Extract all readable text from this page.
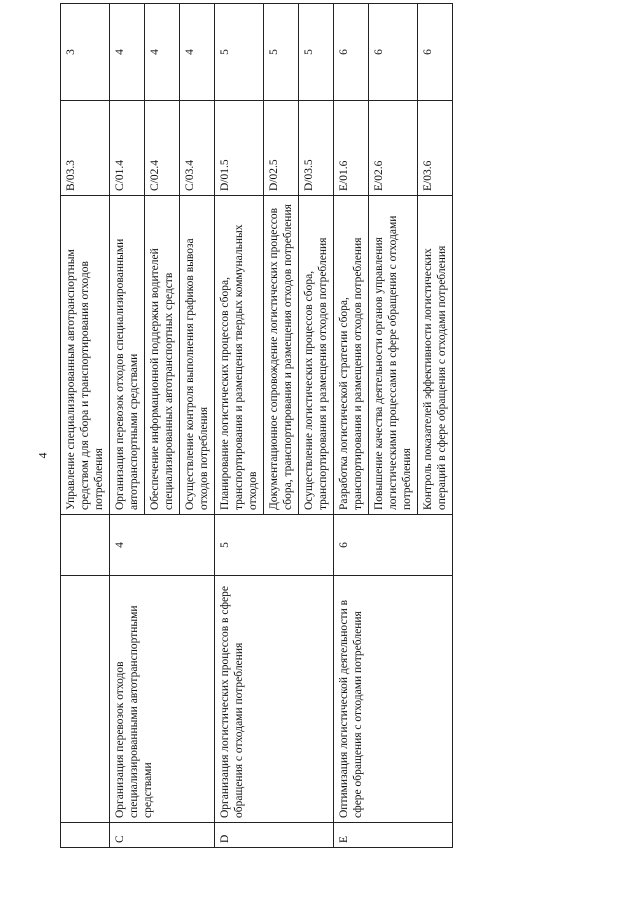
4
			Управление специализированным автотранспортным средством для сбора и транспортирования отходов потребления	В/03.3	3
С	Организация перевозок отходов специализированными автотранспортными средствами	4	Организация перевозок отходов специализированными автотранспортными средствами	С/01.4	4
			Обеспечение информационной поддержки водителей специализированных автотранспортных средств	С/02.4	4
			Осуществление контроля выполнения графиков вывоза отходов потребления	С/03.4	4
D	Организация логистических процессов в сфере обращения с отходами потребления	5	Планирование логистических процессов сбора, транспортирования и размещения твердых коммунальных отходов	D/01.5	5
			Документационное сопровождение логистических процессов сбора, транспортирования и размещения отходов потребления	D/02.5	5
			Осуществление логистических процессов сбора, транспортирования и размещения отходов потребления	D/03.5	5
Е	Оптимизация логистической деятельности в сфере обращения с отходами потребления	6	Разработка логистической стратегии сбора, транспортирования и размещения отходов потребления	Е/01.6	6
			Повышение качества деятельности органов управления логистическими процессами в сфере обращения с отходами потребления	Е/02.6	6
			Контроль показателей эффективности логистических операций в сфере обращения с отходами потребления	Е/03.6	6
